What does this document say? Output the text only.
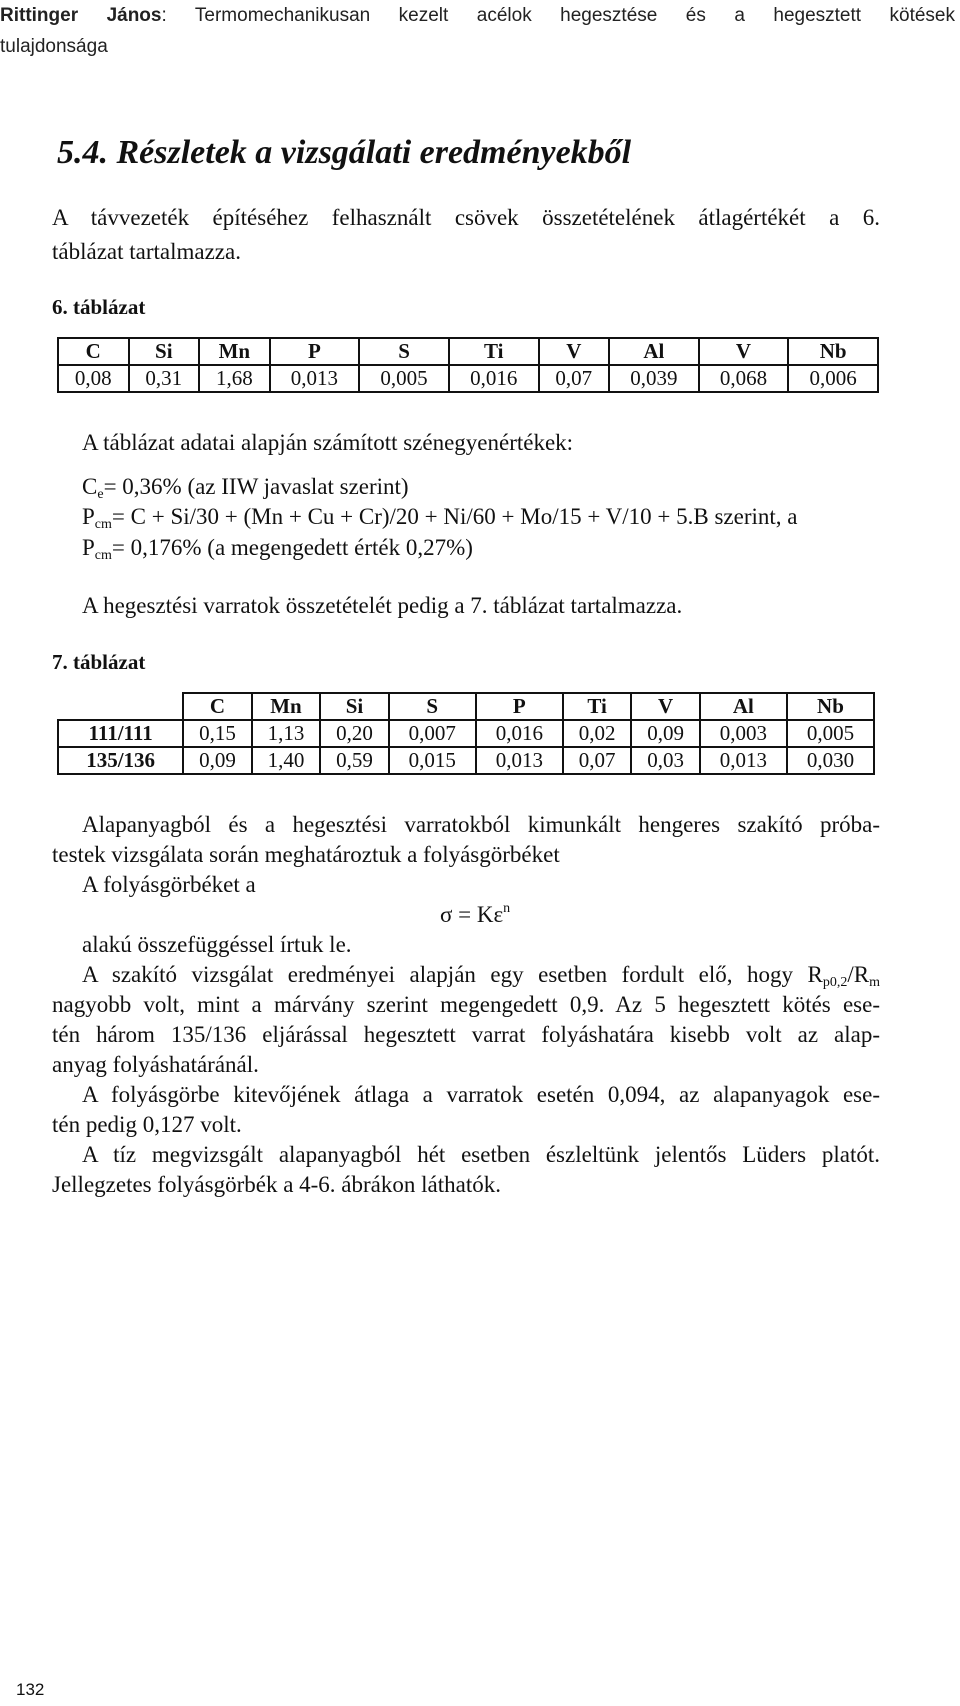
Rittinger János: Termomechanikusan kezelt acélok hegesztése és a hegesztett kötések
tulajdonsága
5.4. Részletek a vizsgálati eredményekből
A távvezeték építéséhez felhasznált csövek összetételének átlagértékét a 6.
táblázat tartalmazza.
6. táblázat
C	Si	Mn	P	S	Ti	V	Al	V	Nb
0,08	0,31	1,68	0,013	0,005	0,016	0,07	0,039	0,068	0,006
A táblázat adatai alapján számított szénegyenértékek:
$C_e= 0,36\%$ (az IIW javaslat szerint)
$P_{cm}= C + Si/30 + (Mn + Cu + Cr)/20 + Ni/60 + Mo/15 + V/10 + 5.B$ szerint, a
$P_{cm}= 0,176\%$ (a megengedett érték 0,27%)
A hegesztési varratok összetételét pedig a 7. táblázat tartalmazza.
7. táblázat
	C	Mn	Si	S	P	Ti	V	Al	Nb
111/111	0,15	1,13	0,20	0,007	0,016	0,02	0,09	0,003	0,005
135/136	0,09	1,40	0,59	0,015	0,013	0,07	0,03	0,013	0,030
Alapanyagból és a hegesztési varratokból kimunkált hengeres szakító próba-
testek vizsgálata során meghatároztuk a folyásgörbéket
A folyásgörbéket a
$\sigma = K\varepsilon^n$
alakú összefüggéssel írtuk le.
A szakító vizsgálat eredményei alapján egy esetben fordult elő, hogy $R_{p0,2}/R_m$
nagyobb volt, mint a márvány szerint megengedett 0,9. Az 5 hegesztett kötés ese-
tén három 135/136 eljárással hegesztett varrat folyáshatára kisebb volt az alap-
anyag folyáshatáránál.
A folyásgörbe kitevőjének átlaga a varratok esetén 0,094, az alapanyagok ese-
tén pedig 0,127 volt.
A tíz megvizsgált alapanyagból hét esetben észleltünk jelentős Lüders platót.
Jellegzetes folyásgörbék a 4-6. ábrákon láthatók.
132
